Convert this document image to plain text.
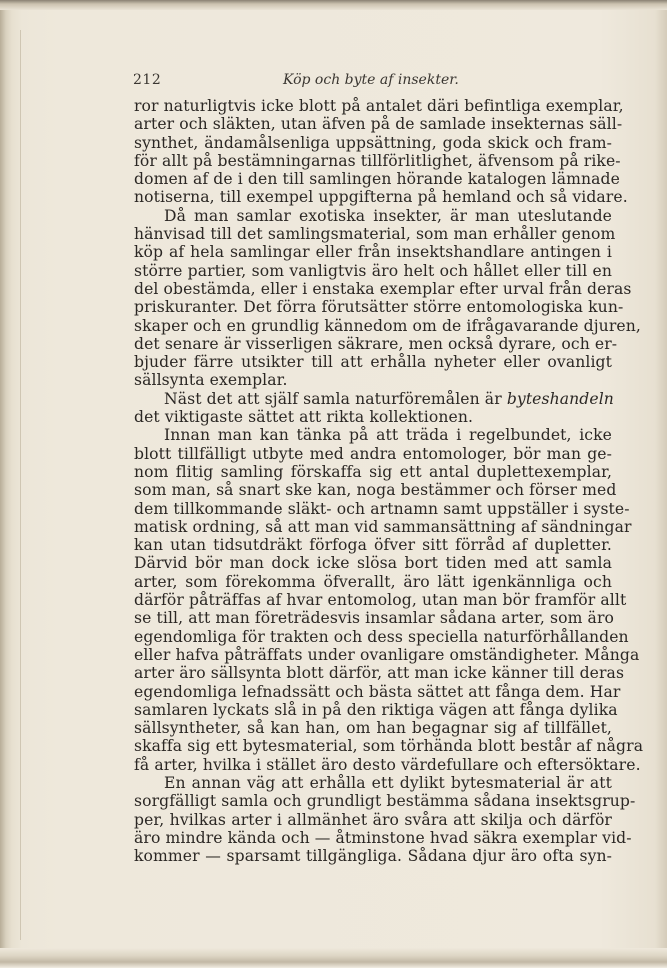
212	Köp och byte af insekter.
ror naturligtvis icke blott på antalet däri befintliga exemplar,
arter och släkten, utan äfven på de samlade insekternas säll-
synthet, ändamålsenliga uppsättning, goda skick och fram-
för allt på bestämningarnas tillförlitlighet, äfvensom på rike-
domen af de i den till samlingen hörande katalogen lämnade
notiserna, till exempel uppgifterna på hemland och så vidare.
Då man samlar exotiska insekter, är man uteslutande
hänvisad till det samlingsmaterial, som man erhåller genom
köp af hela samlingar eller från insektshandlare antingen i
större partier, som vanligtvis äro helt och hållet eller till en
del obestämda, eller i enstaka exemplar efter urval från deras
priskuranter. Det förra förutsätter större entomologiska kun-
skaper och en grundlig kännedom om de ifrågavarande djuren,
det senare är visserligen säkrare, men också dyrare, och er-
bjuder färre utsikter till att erhålla nyheter eller ovanligt
sällsynta exemplar.
Näst det att själf samla naturföremålen är byteshandeln
det viktigaste sättet att rikta kollektionen.
Innan man kan tänka på att träda i regelbundet, icke
blott tillfälligt utbyte med andra entomologer, bör man ge-
nom flitig samling förskaffa sig ett antal duplettexemplar,
som man, så snart ske kan, noga bestämmer och förser med
dem tillkommande släkt- och artnamn samt uppställer i syste-
matisk ordning, så att man vid sammansättning af sändningar
kan utan tidsutdräkt förfoga öfver sitt förråd af dupletter.
Därvid bör man dock icke slösa bort tiden med att samla
arter, som förekomma öfverallt, äro lätt igenkännliga och
därför påträffas af hvar entomolog, utan man bör framför allt
se till, att man företrädesvis insamlar sådana arter, som äro
egendomliga för trakten och dess speciella naturförhållanden
eller hafva påträffats under ovanligare omständigheter. Många
arter äro sällsynta blott därför, att man icke känner till deras
egendomliga lefnadssätt och bästa sättet att fånga dem. Har
samlaren lyckats slå in på den riktiga vägen att fånga dylika
sällsyntheter, så kan han, om han begagnar sig af tillfället,
skaffa sig ett bytesmaterial, som törhända blott består af några
få arter, hvilka i stället äro desto värdefullare och eftersöktare.
En annan väg att erhålla ett dylikt bytesmaterial är att
sorgfälligt samla och grundligt bestämma sådana insektsgrup-
per, hvilkas arter i allmänhet äro svåra att skilja och därför
äro mindre kända och — åtminstone hvad säkra exemplar vid-
kommer — sparsamt tillgängliga. Sådana djur äro ofta syn-
